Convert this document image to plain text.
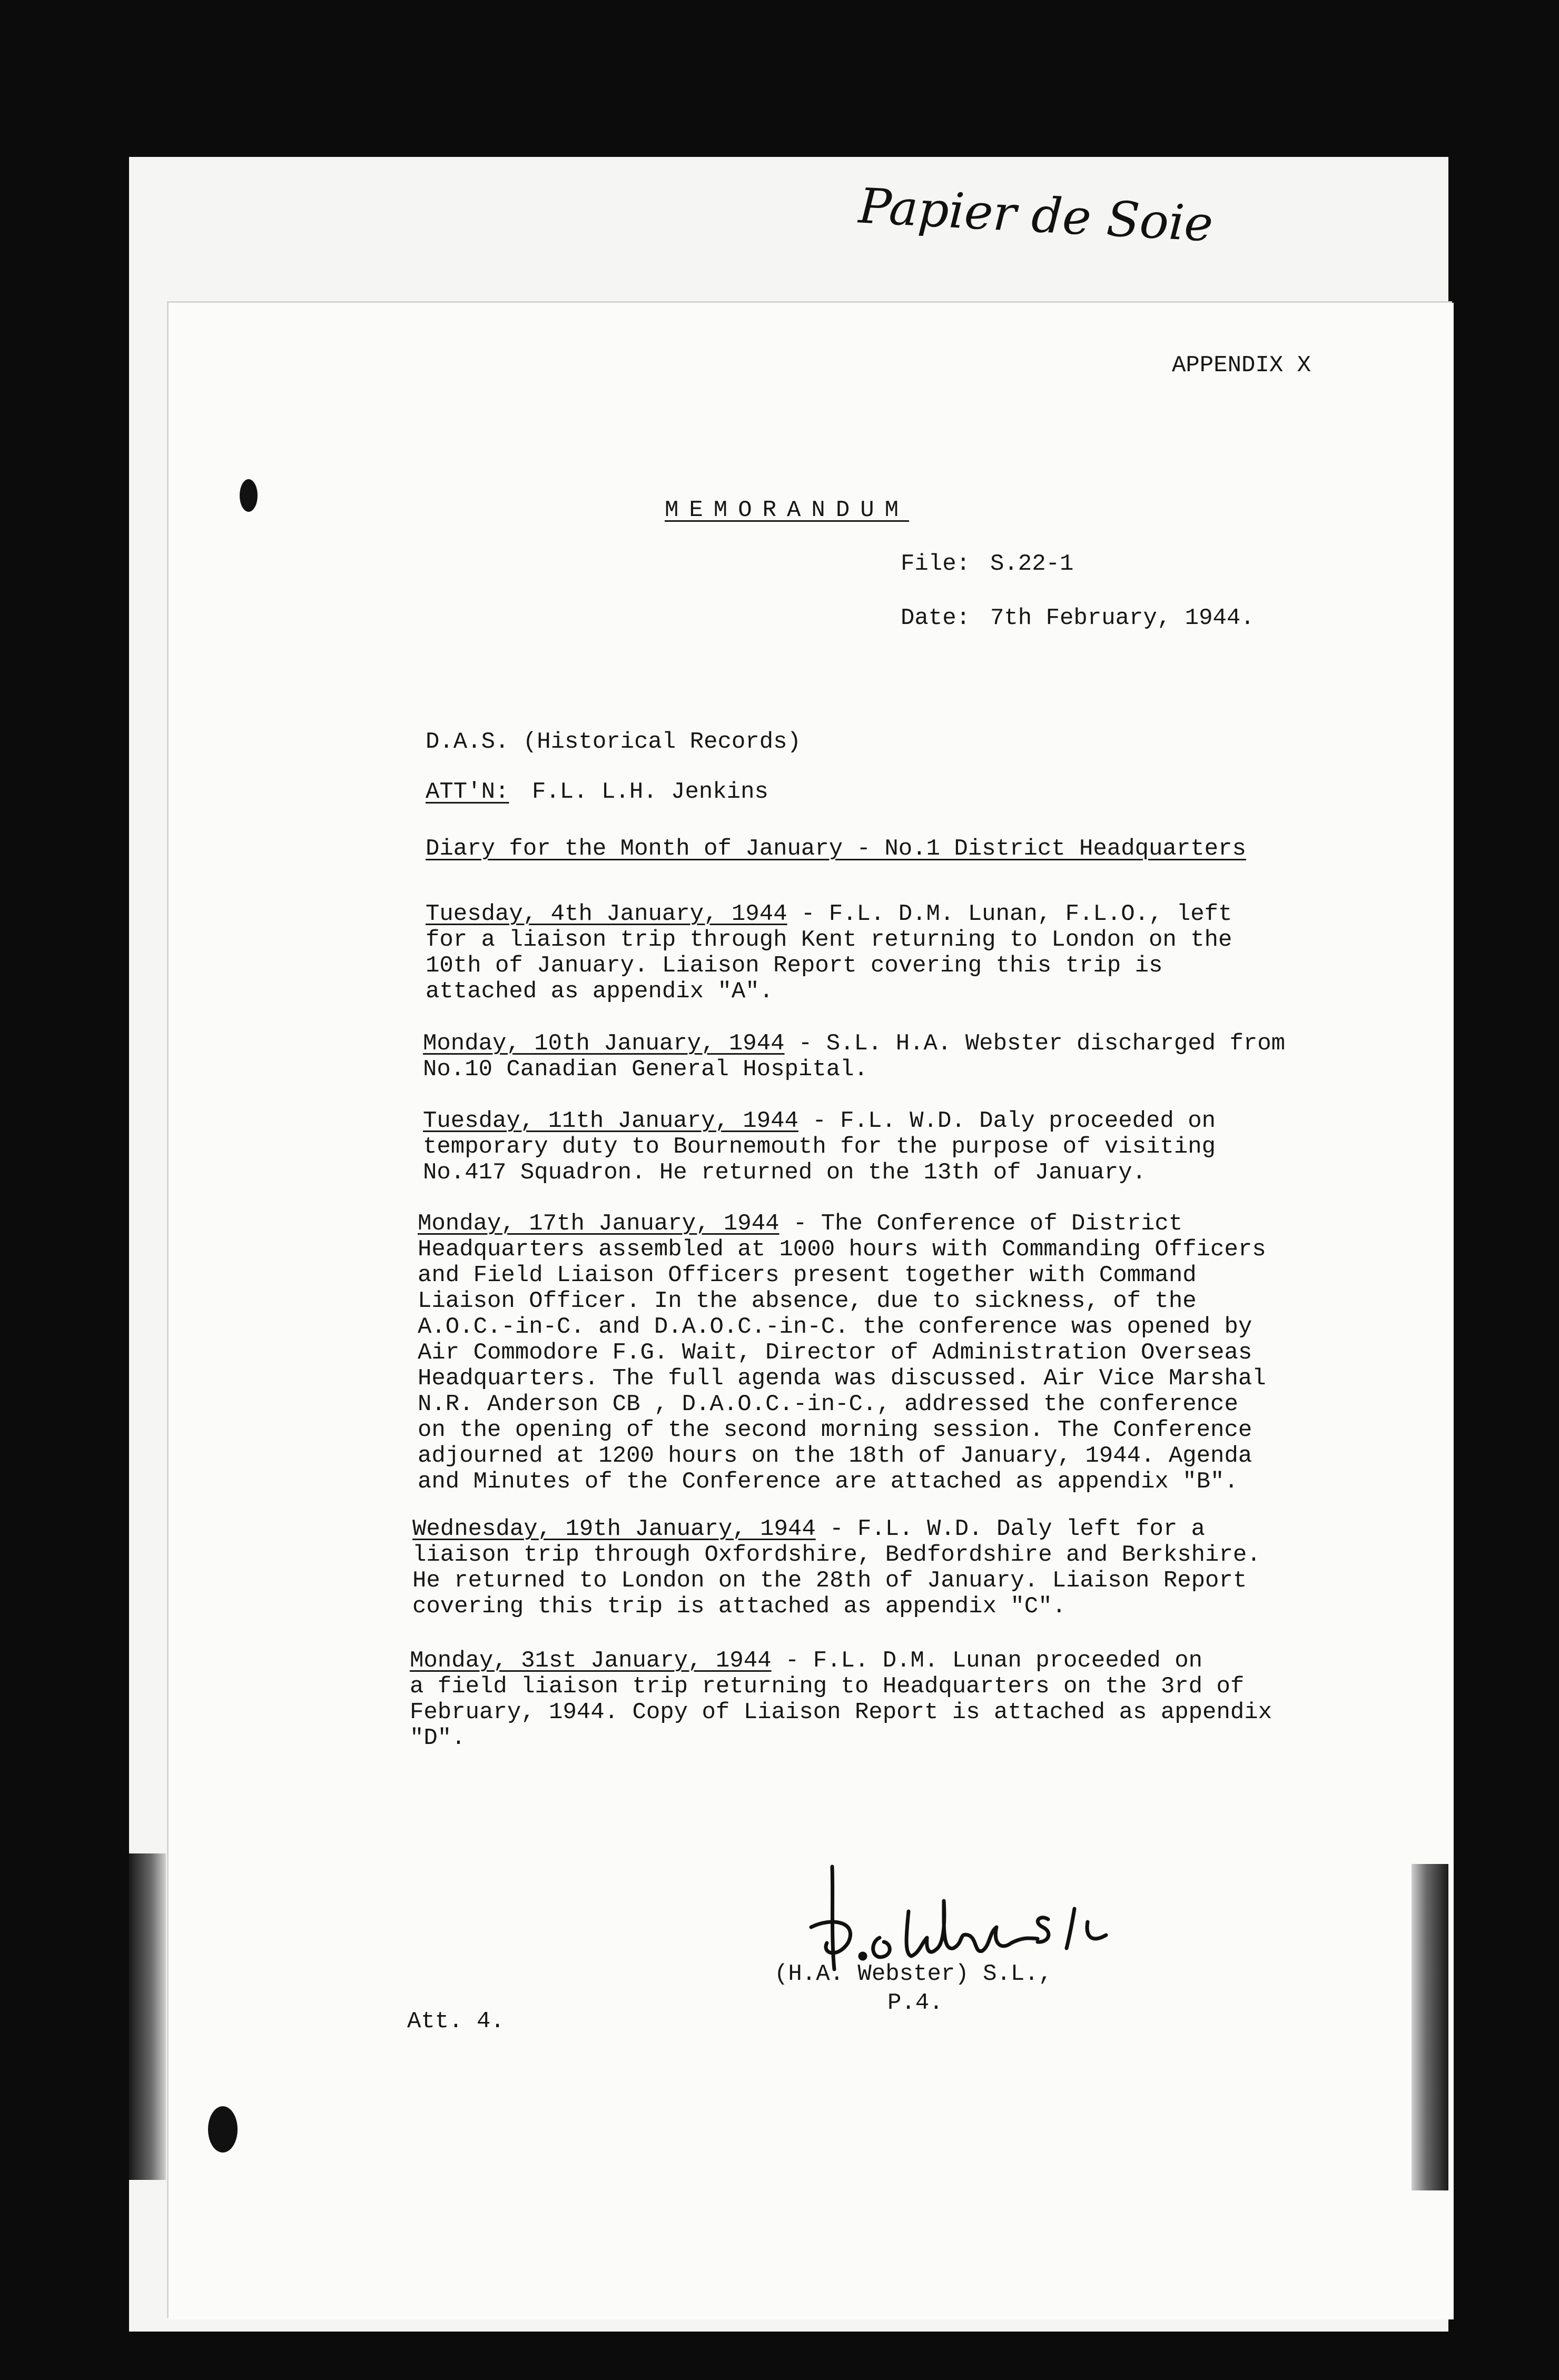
Papier de Soie
APPENDIX X
MEMORANDUM
File: S.22-1
Date: 7th February, 1944.
D.A.S. (Historical Records)
ATT'N: F.L. L.H. Jenkins
Diary for the Month of January - No.1 District Headquarters
Tuesday, 4th January, 1944 - F.L. D.M. Lunan, F.L.O., left
for a liaison trip through Kent returning to London on the
10th of January. Liaison Report covering this trip is
attached as appendix "A".
Monday, 10th January, 1944 - S.L. H.A. Webster discharged from
No.10 Canadian General Hospital.
Tuesday, 11th January, 1944 - F.L. W.D. Daly proceeded on
temporary duty to Bournemouth for the purpose of visiting
No.417 Squadron. He returned on the 13th of January.
Monday, 17th January, 1944 - The Conference of District
Headquarters assembled at 1000 hours with Commanding Officers
and Field Liaison Officers present together with Command
Liaison Officer. In the absence, due to sickness, of the
A.O.C.-in-C. and D.A.O.C.-in-C. the conference was opened by
Air Commodore F.G. Wait, Director of Administration Overseas
Headquarters. The full agenda was discussed. Air Vice Marshal
N.R. Anderson CB , D.A.O.C.-in-C., addressed the conference
on the opening of the second morning session. The Conference
adjourned at 1200 hours on the 18th of January, 1944. Agenda
and Minutes of the Conference are attached as appendix "B".
Wednesday, 19th January, 1944 - F.L. W.D. Daly left for a
liaison trip through Oxfordshire, Bedfordshire and Berkshire.
He returned to London on the 28th of January. Liaison Report
covering this trip is attached as appendix "C".
Monday, 31st January, 1944 - F.L. D.M. Lunan proceeded on
a field liaison trip returning to Headquarters on the 3rd of
February, 1944. Copy of Liaison Report is attached as appendix
"D".
(H.A. Webster) S.L.,
P.4.
Att. 4.
